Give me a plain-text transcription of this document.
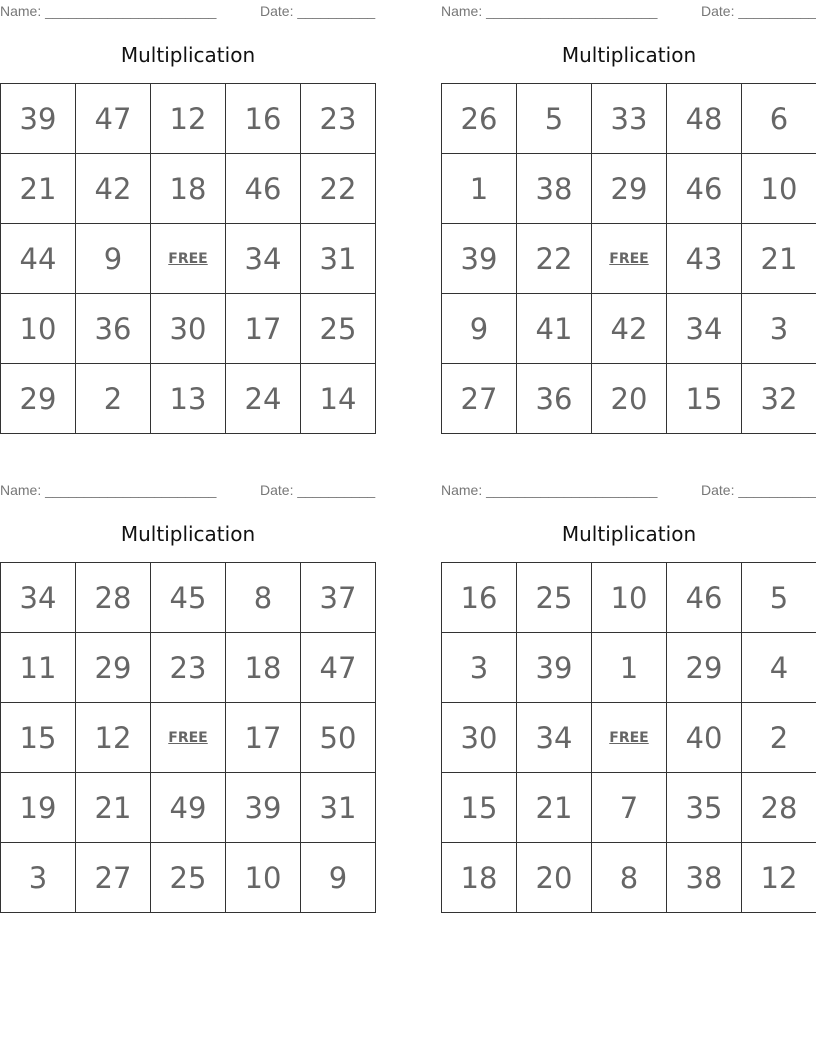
Name: ______________________	Date: __________
Multiplication
39	47	12	16	23
21	42	18	46	22
44	9	FREE	34	31
10	36	30	17	25
29	2	13	24	14
Name: ______________________	Date: __________
Multiplication
26	5	33	48	6
1	38	29	46	10
39	22	FREE	43	21
9	41	42	34	3
27	36	20	15	32
Name: ______________________	Date: __________
Multiplication
34	28	45	8	37
11	29	23	18	47
15	12	FREE	17	50
19	21	49	39	31
3	27	25	10	9
Name: ______________________	Date: __________
Multiplication
16	25	10	46	5
3	39	1	29	4
30	34	FREE	40	2
15	21	7	35	28
18	20	8	38	12
